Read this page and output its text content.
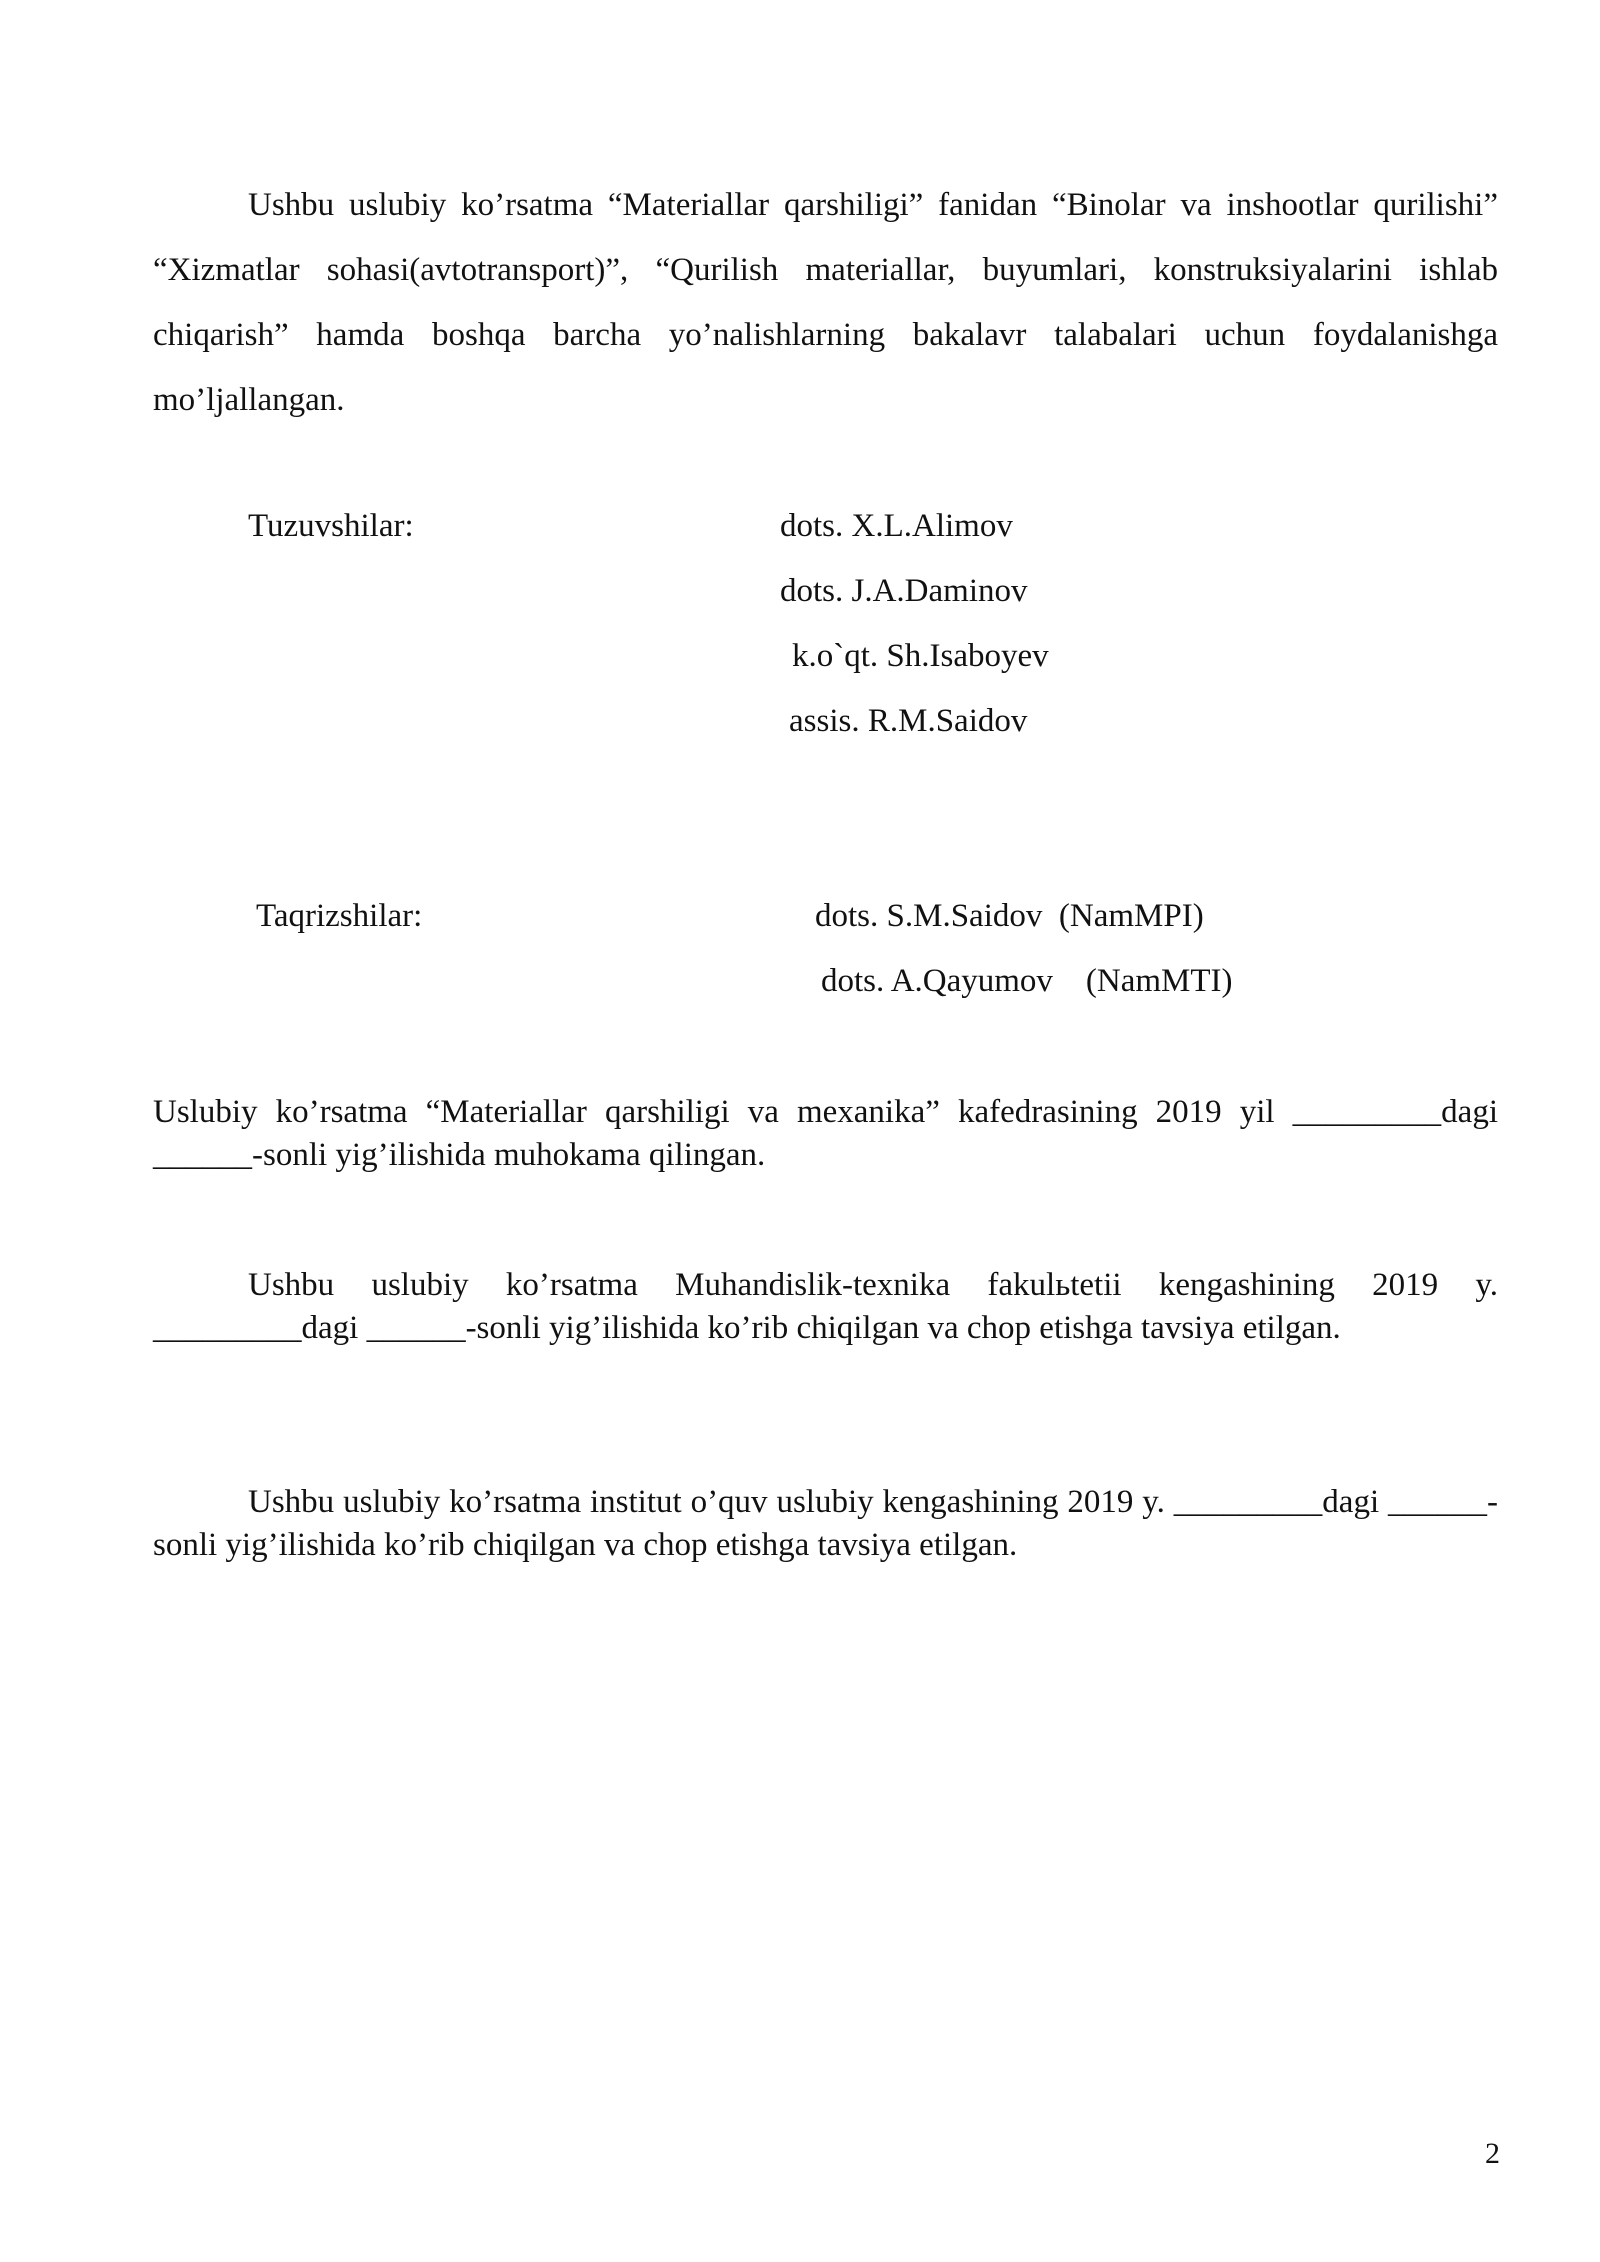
Ushbu uslubiy ko’rsatma “Materiallar qarshiligi” fanidan “Binolar va inshootlar qurilishi” “Xizmatlar sohasi(avtotransport)”, “Qurilish materiallar, buyumlari, konstruksiyalarini ishlab chiqarish” hamda boshqa barcha yo’nalishlarning bakalavr talabalari uchun foydalanishga mo’ljallangan.

Tuzuvshilar:	dots. X.L.Alimov
dots. J.A.Daminov
k.o`qt. Sh.Isaboyev
assis. R.M.Saidov
Taqrizshilar:	dots. S.M.Saidov  (NamMPI)
dots. A.Qayumov    (NamMTI)

Uslubiy ko’rsatma “Materiallar qarshiligi va mexanika” kafedrasining 2019 yil _________dagi ______-sonli yig’ilishida muhokama qilingan.

Ushbu uslubiy ko’rsatma Muhandislik-texnika fakulьtetii kengashining 2019 y. _________dagi ______-sonli yig’ilishida ko’rib chiqilgan va chop etishga tavsiya etilgan.

Ushbu uslubiy ko’rsatma institut o’quv uslubiy kengashining 2019 y. _________dagi ______-sonli yig’ilishida ko’rib chiqilgan va chop etishga tavsiya etilgan.

2
